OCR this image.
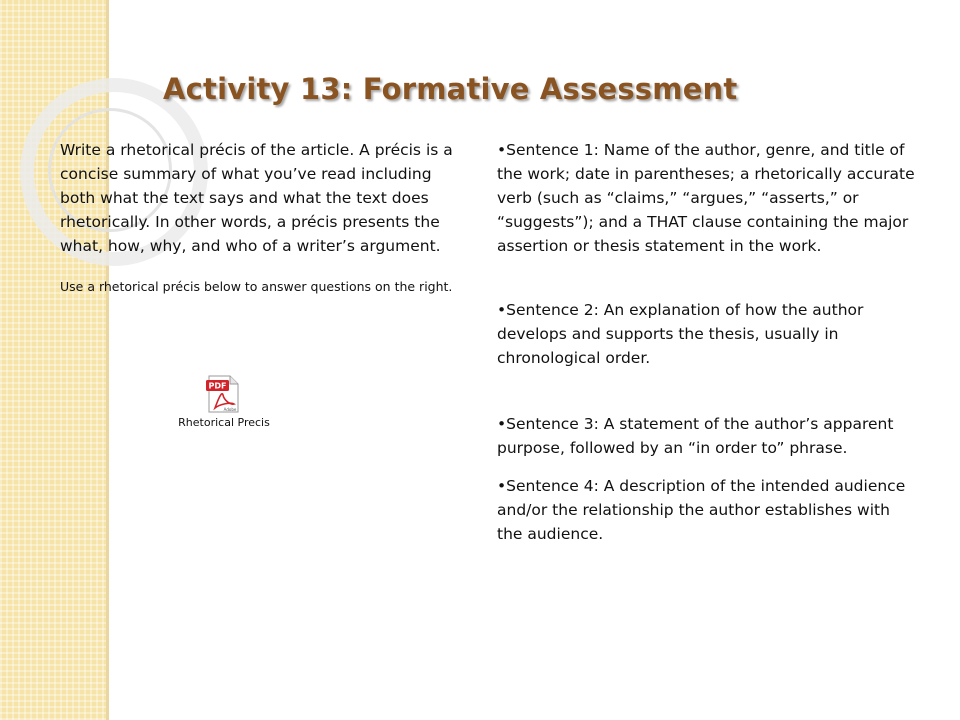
Activity 13: Formative Assessment

Write a rhetorical précis of the article. A précis is a concise summary of what you’ve read including both what the text says and what the text does rhetorically. In other words, a précis presents the what, how, why, and who of a writer’s argument.

Use a rhetorical précis below to answer questions on the right.

PDF
Adobe
Rhetorical Precis

•Sentence 1: Name of the author, genre, and title of the work; date in parentheses; a rhetorically accurate verb (such as “claims,” “argues,” “asserts,” or “suggests”); and a THAT clause containing the major assertion or thesis statement in the work.

•Sentence 2: An explanation of how the author develops and supports the thesis, usually in chronological order.

•Sentence 3: A statement of the author’s apparent purpose, followed by an “in order to” phrase.

•Sentence 4: A description of the intended audience and/or the relationship the author establishes with the audience.
